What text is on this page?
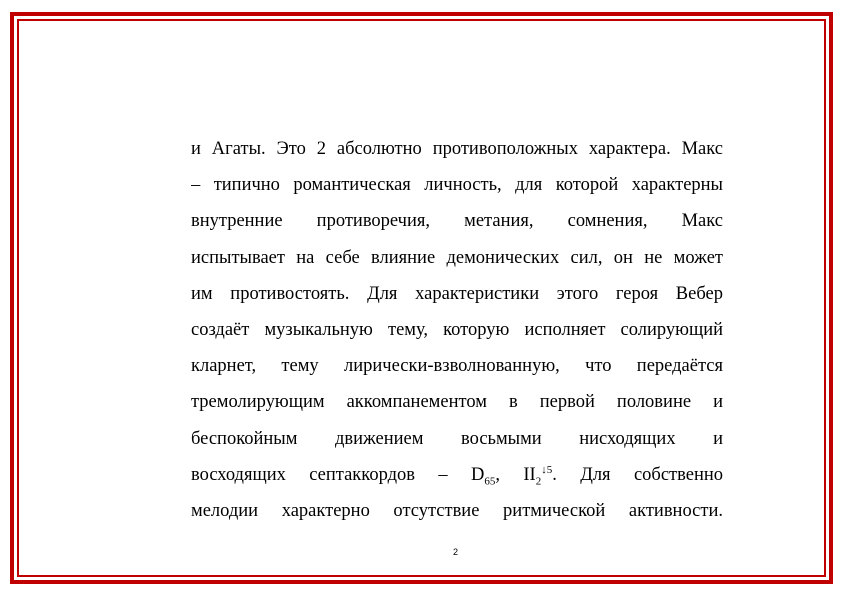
и Агаты. Это 2 абсолютно противоположных характера. Макс
– типично романтическая личность, для которой характерны
внутренние противоречия, метания, сомнения, Макс
испытывает на себе влияние демонических сил, он не может
им противостоять. Для характеристики этого героя Вебер
создаёт музыкальную тему, которую исполняет солирующий
кларнет, тему лирически-взволнованную, что передаётся
тремолирующим аккомпанементом в первой половине и
беспокойным движением восьмыми нисходящих и
восходящих септаккордов – $D_{65}$, $II_2^{↓5}$. Для собственно
мелодии характерно отсутствие ритмической активности.
2
